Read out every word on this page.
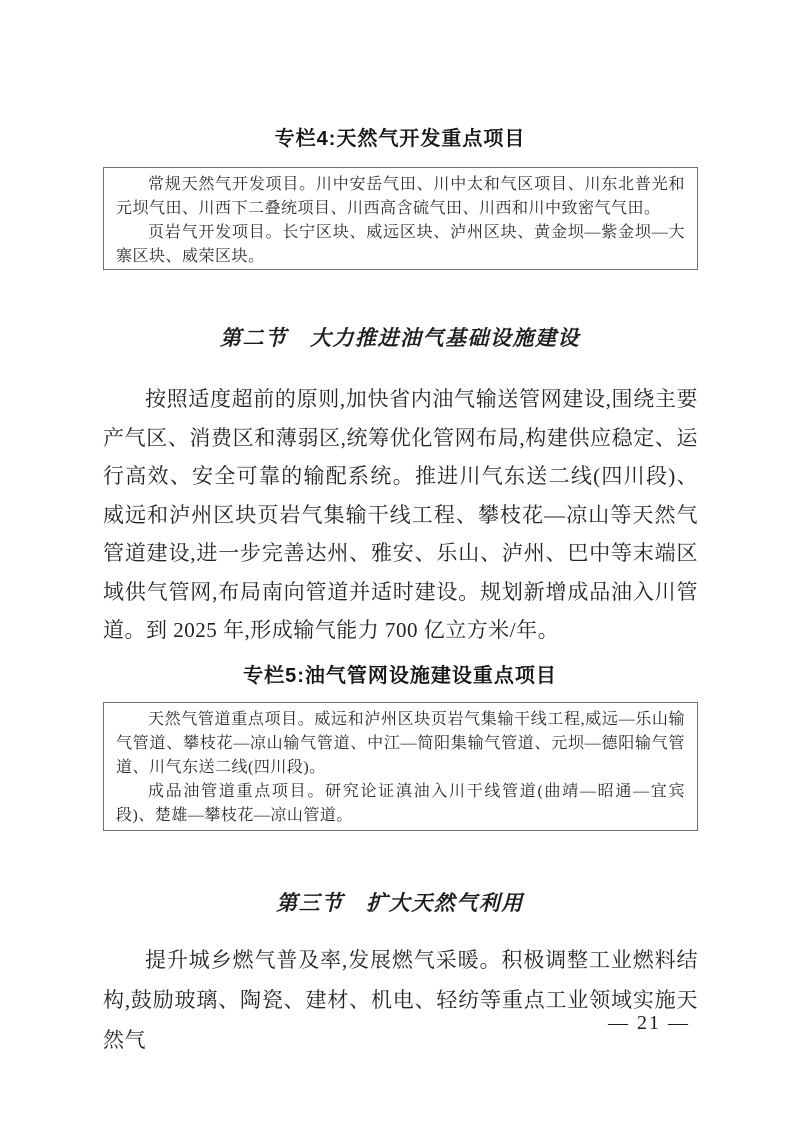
专栏4:天然气开发重点项目

常规天然气开发项目。川中安岳气田、川中太和气区项目、川东北普光和元坝气田、川西下二叠统项目、川西高含硫气田、川西和川中致密气气田。

页岩气开发项目。长宁区块、威远区块、泸州区块、黄金坝—紫金坝—大寨区块、威荣区块。

第二节　大力推进油气基础设施建设

按照适度超前的原则,加快省内油气输送管网建设,围绕主要产气区、消费区和薄弱区,统筹优化管网布局,构建供应稳定、运行高效、安全可靠的输配系统。推进川气东送二线(四川段)、威远和泸州区块页岩气集输干线工程、攀枝花—凉山等天然气管道建设,进一步完善达州、雅安、乐山、泸州、巴中等末端区域供气管网,布局南向管道并适时建设。规划新增成品油入川管道。到 2025 年,形成输气能力 700 亿立方米/年。

专栏5:油气管网设施建设重点项目

天然气管道重点项目。威远和泸州区块页岩气集输干线工程,威远—乐山输气管道、攀枝花—凉山输气管道、中江—简阳集输气管道、元坝—德阳输气管道、川气东送二线(四川段)。

成品油管道重点项目。研究论证滇油入川干线管道(曲靖—昭通—宜宾段)、楚雄—攀枝花—凉山管道。

第三节　扩大天然气利用

提升城乡燃气普及率,发展燃气采暖。积极调整工业燃料结构,鼓励玻璃、陶瓷、建材、机电、轻纺等重点工业领域实施天然气

— 21 —
